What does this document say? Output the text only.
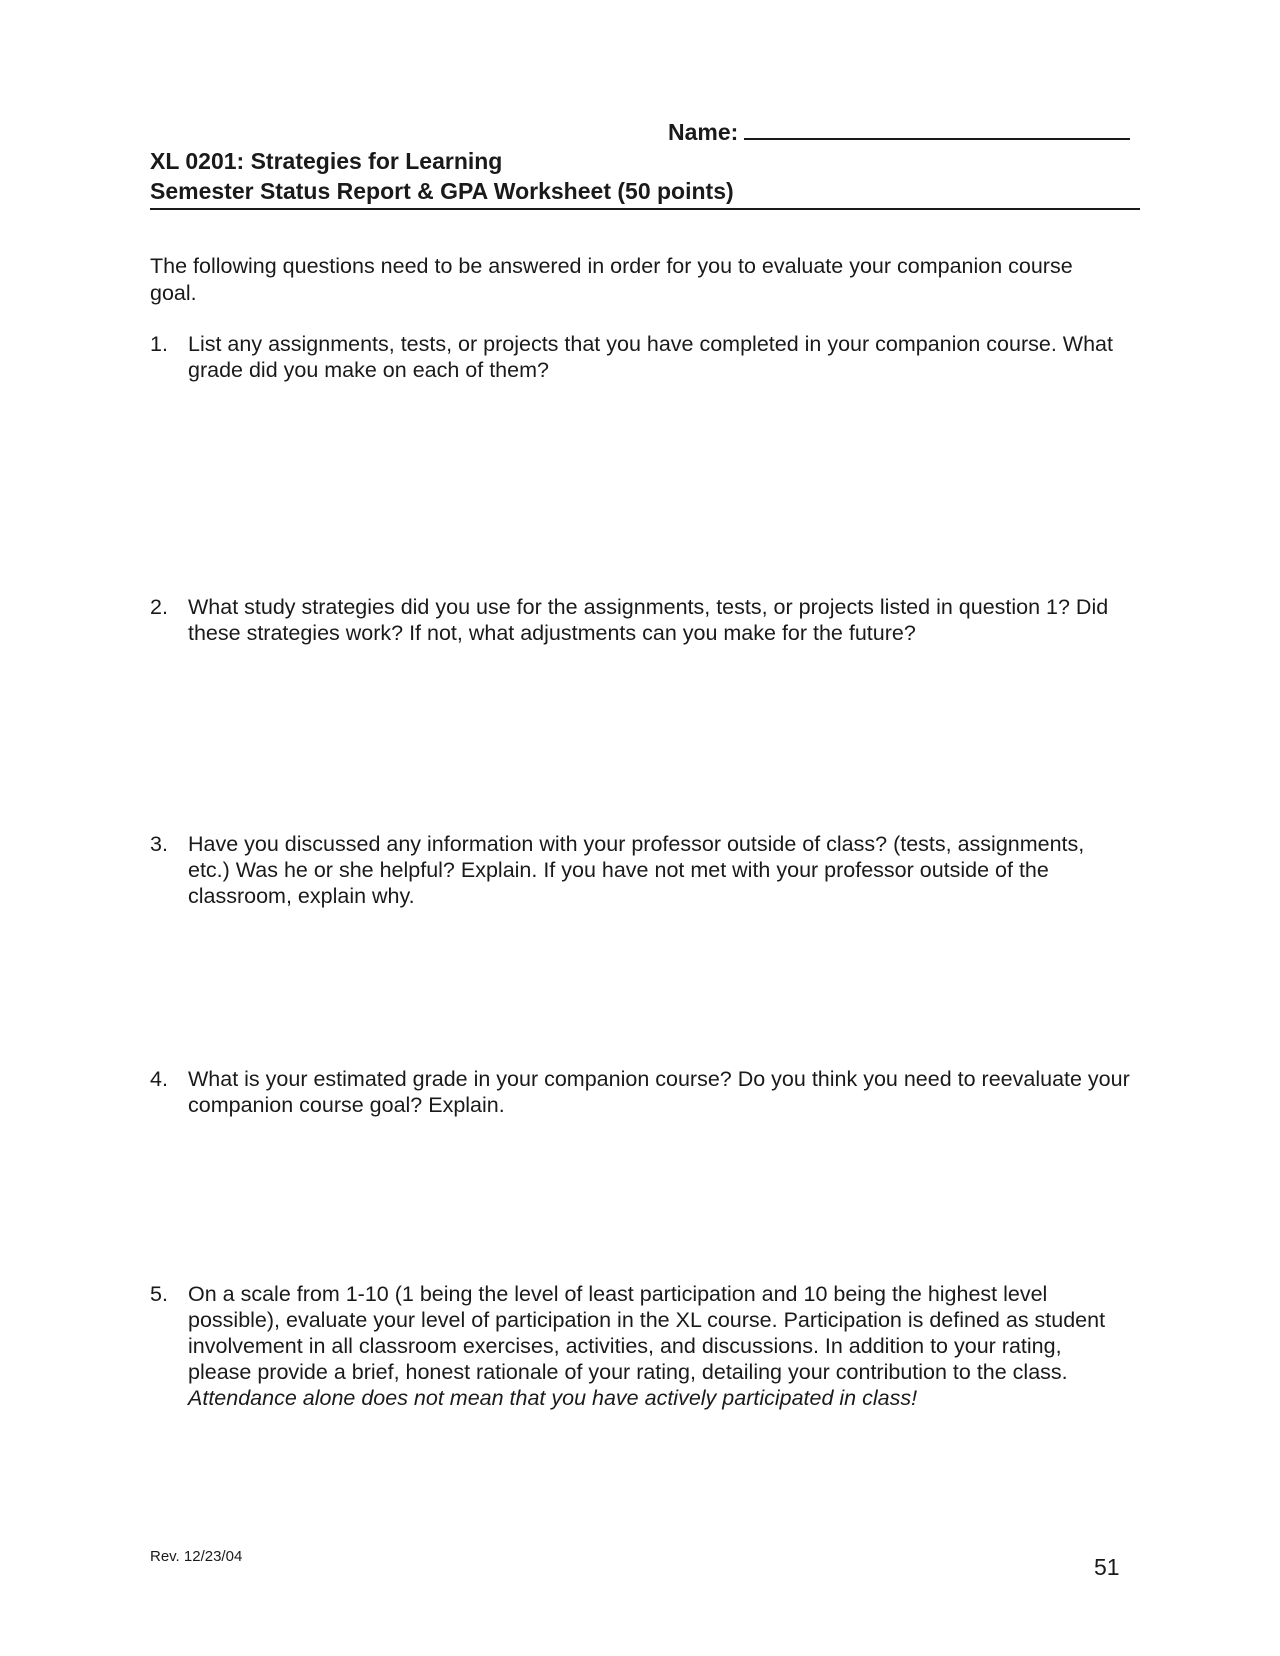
Name:
XL 0201: Strategies for Learning
Semester Status Report & GPA Worksheet (50 points)
The following questions need to be answered in order for you to evaluate your companion course goal.
1. List any assignments, tests, or projects that you have completed in your companion course. What grade did you make on each of them?
2. What study strategies did you use for the assignments, tests, or projects listed in question 1? Did these strategies work? If not, what adjustments can you make for the future?
3. Have you discussed any information with your professor outside of class? (tests, assignments, etc.) Was he or she helpful? Explain. If you have not met with your professor outside of the classroom, explain why.
4. What is your estimated grade in your companion course? Do you think you need to reevaluate your companion course goal? Explain.
5. On a scale from 1-10 (1 being the level of least participation and 10 being the highest level possible), evaluate your level of participation in the XL course. Participation is defined as student involvement in all classroom exercises, activities, and discussions. In addition to your rating, please provide a brief, honest rationale of your rating, detailing your contribution to the class. Attendance alone does not mean that you have actively participated in class!
Rev. 12/23/04	51
